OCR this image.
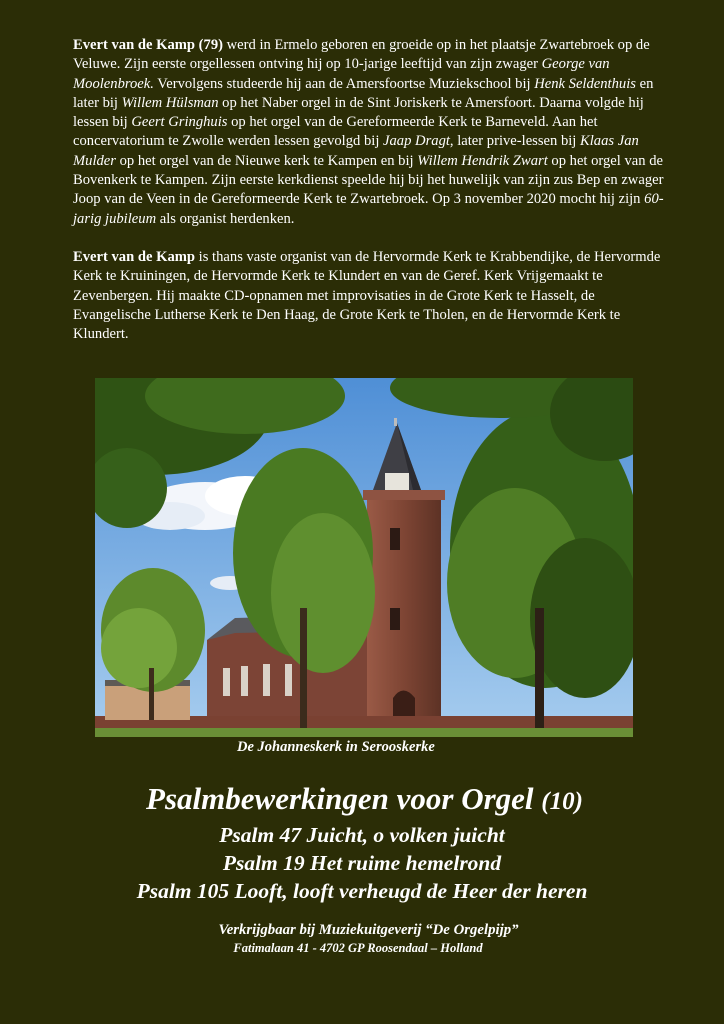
Evert van de Kamp (79) werd in Ermelo geboren en groeide op in het plaatsje Zwartebroek op de Veluwe. Zijn eerste orgellessen ontving hij op 10-jarige leeftijd van zijn zwager George van Moolenbroek. Vervolgens studeerde hij aan de Amersfoortse Muziekschool bij Henk Seldenthuis en later bij Willem Hülsman op het Naber orgel in de Sint Joriskerk te Amersfoort. Daarna volgde hij lessen bij Geert Gringhuis op het orgel van de Gereformeerde Kerk te Barneveld. Aan het concervatorium te Zwolle werden lessen gevolgd bij Jaap Dragt, later prive-lessen bij Klaas Jan Mulder op het orgel van de Nieuwe kerk te Kampen en bij Willem Hendrik Zwart op het orgel van de Bovenkerk te Kampen. Zijn eerste kerkdienst speelde hij bij het huwelijk van zijn zus Bep en zwager Joop van de Veen in de Gereformeerde Kerk te Zwartebroek. Op 3 november 2020 mocht hij zijn 60-jarig jubileum als organist herdenken.

Evert van de Kamp is thans vaste organist van de Hervormde Kerk te Krabbendijke, de Hervormde Kerk te Kruiningen, de Hervormde Kerk te Klundert en van de Geref. Kerk Vrijgemaakt te Zevenbergen. Hij maakte CD-opnamen met improvisaties in de Grote Kerk te Hasselt, de Evangelische Lutherse Kerk te Den Haag, de Grote Kerk te Tholen, en de Hervormde Kerk te Klundert.

De Johanneskerk in Serooskerke
Psalmbewerkingen voor Orgel (10)
Psalm 47 Juicht, o volken juicht
Psalm 19 Het ruime hemelrond
Psalm 105 Looft, looft verheugd de Heer der heren
Verkrijgbaar bij Muziekuitgeverij “De Orgelpijp”
Fatimalaan 41 - 4702 GP Roosendaal – Holland
